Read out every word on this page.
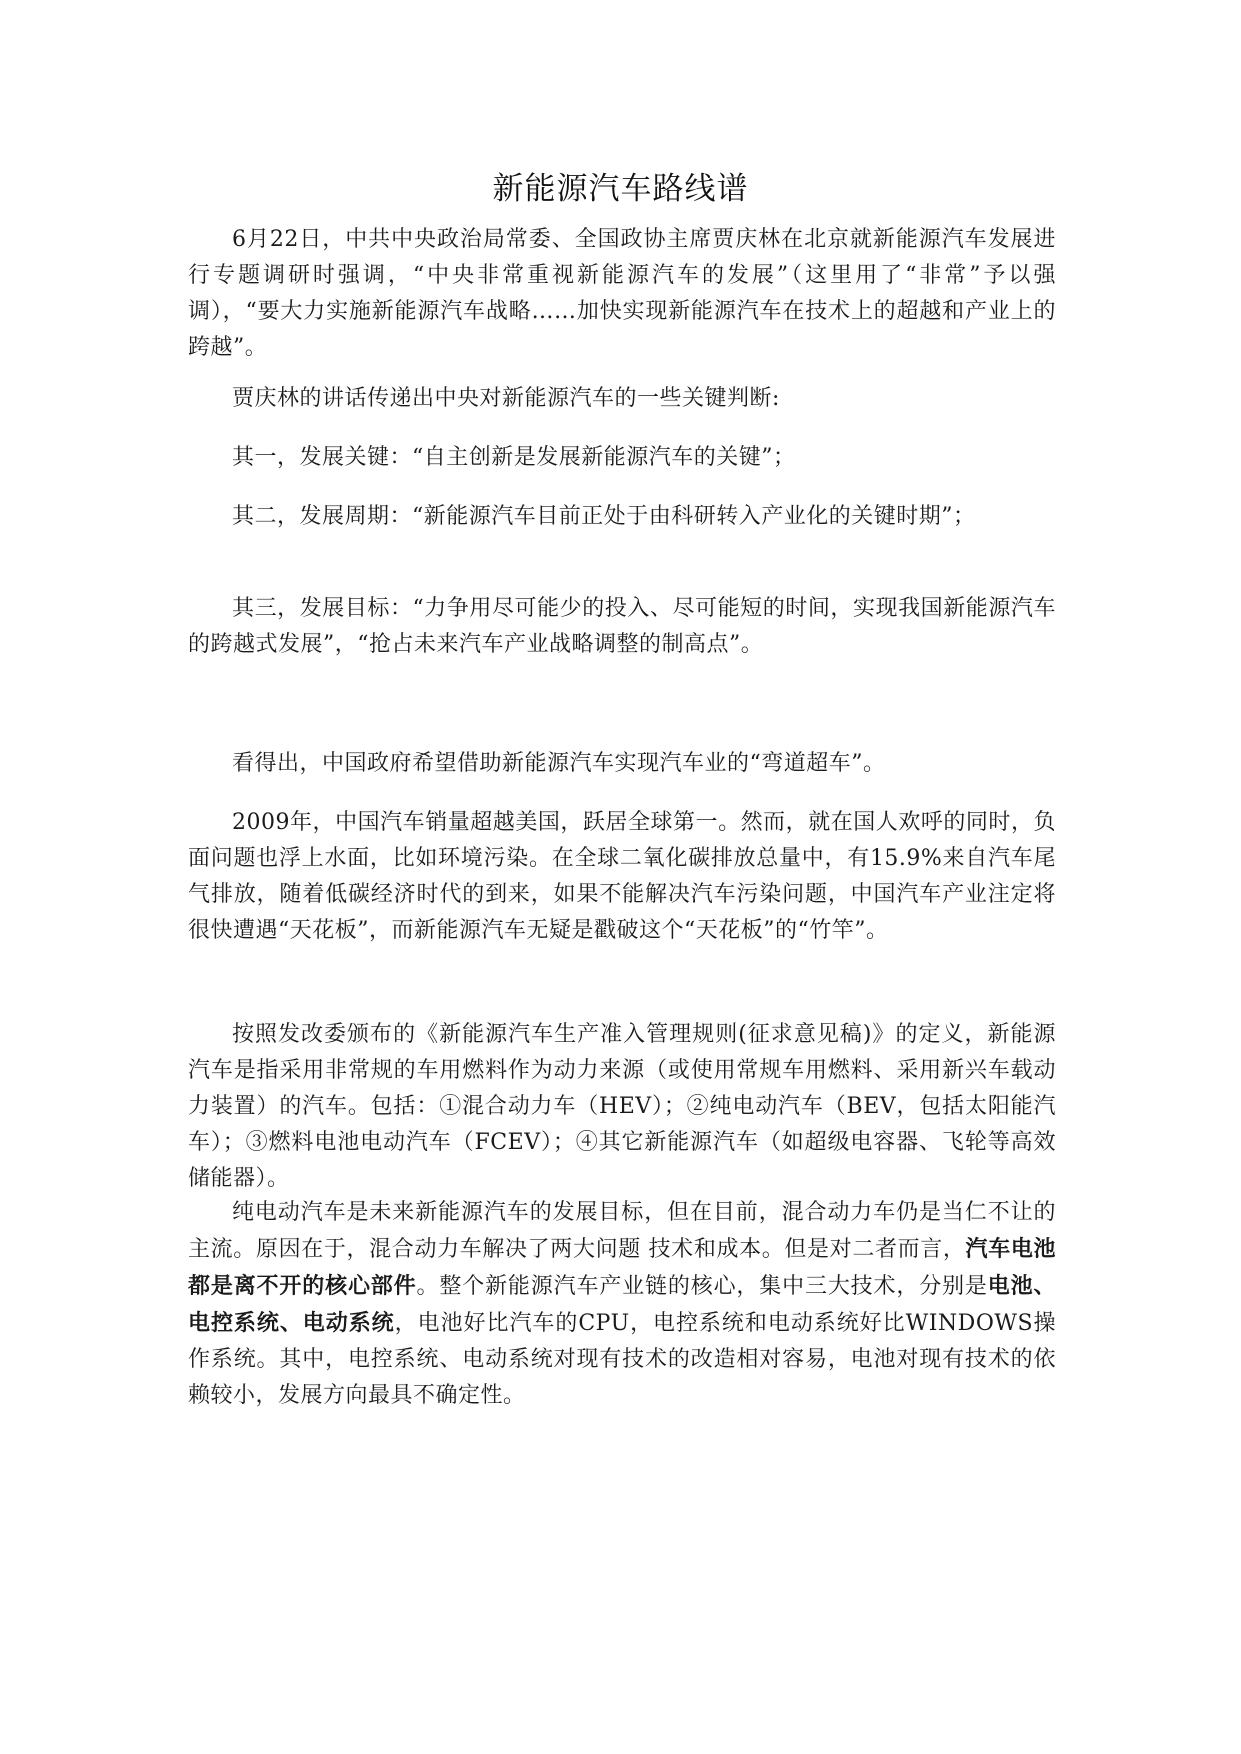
新能源汽车路线谱

6月22日，中共中央政治局常委、全国政协主席贾庆林在北京就新能源汽车发展进行专题调研时强调，“中央非常重视新能源汽车的发展”（这里用了“非常”予以强调），“要大力实施新能源汽车战略……加快实现新能源汽车在技术上的超越和产业上的跨越”。

贾庆林的讲话传递出中央对新能源汽车的一些关键判断:

其一，发展关键：“自主创新是发展新能源汽车的关键”；

其二，发展周期：“新能源汽车目前正处于由科研转入产业化的关键时期”；

其三，发展目标：“力争用尽可能少的投入、尽可能短的时间，实现我国新能源汽车的跨越式发展”，“抢占未来汽车产业战略调整的制高点”。

看得出，中国政府希望借助新能源汽车实现汽车业的“弯道超车”。

2009年，中国汽车销量超越美国，跃居全球第一。然而，就在国人欢呼的同时，负面问题也浮上水面，比如环境污染。在全球二氧化碳排放总量中，有15.9%来自汽车尾气排放，随着低碳经济时代的到来，如果不能解决汽车污染问题，中国汽车产业注定将很快遭遇“天花板”，而新能源汽车无疑是戳破这个“天花板”的“竹竿”。

按照发改委颁布的《新能源汽车生产准入管理规则(征求意见稿)》的定义，新能源汽车是指采用非常规的车用燃料作为动力来源（或使用常规车用燃料、采用新兴车载动力装置）的汽车。包括：①混合动力车（HEV）；②纯电动汽车（BEV，包括太阳能汽车）；③燃料电池电动汽车（FCEV）；④其它新能源汽车（如超级电容器、飞轮等高效储能器）。

纯电动汽车是未来新能源汽车的发展目标，但在目前，混合动力车仍是当仁不让的主流。原因在于，混合动力车解决了两大问题 技术和成本。但是对二者而言，汽车电池都是离不开的核心部件。整个新能源汽车产业链的核心，集中三大技术，分别是电池、电控系统、电动系统，电池好比汽车的CPU，电控系统和电动系统好比WINDOWS操作系统。其中，电控系统、电动系统对现有技术的改造相对容易，电池对现有技术的依赖较小，发展方向最具不确定性。
